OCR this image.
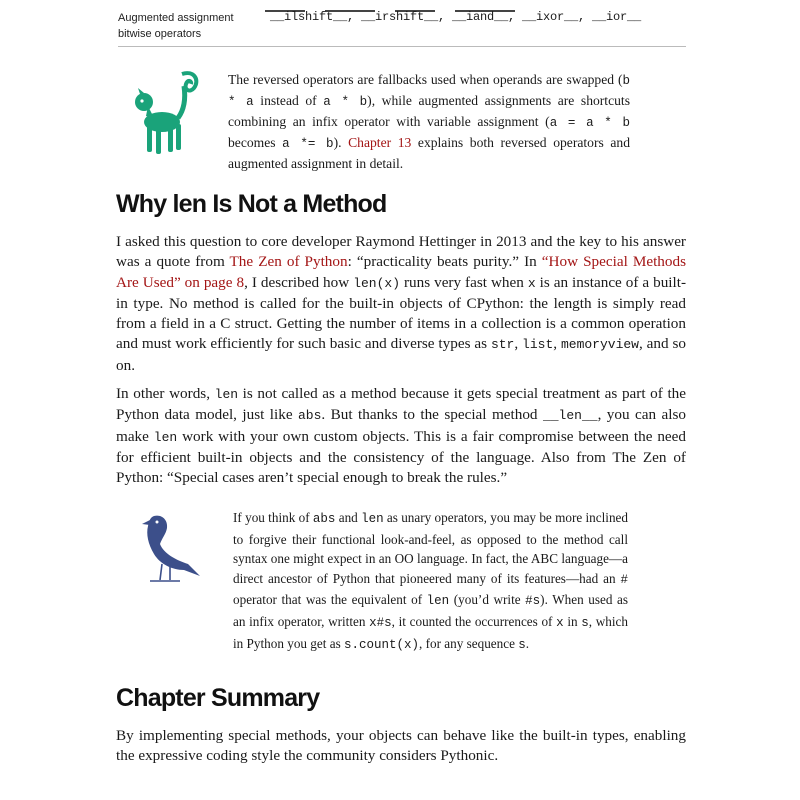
Augmented assignment bitwise operators
__ilshift__, __irshift__, __iand__, __ixor__, __ior__
The reversed operators are fallbacks used when operands are swapped (b * a instead of a * b), while augmented assignments are shortcuts combining an infix operator with variable assignment (a = a * b becomes a *= b). Chapter 13 explains both reversed operators and augmented assignment in detail.
Why len Is Not a Method

I asked this question to core developer Raymond Hettinger in 2013 and the key to his answer was a quote from The Zen of Python: “practicality beats purity.” In “How Special Methods Are Used” on page 8, I described how len(x) runs very fast when x is an instance of a built-in type. No method is called for the built-in objects of CPython: the length is simply read from a field in a C struct. Getting the number of items in a collection is a common operation and must work efficiently for such basic and diverse types as str, list, memoryview, and so on.

In other words, len is not called as a method because it gets special treatment as part of the Python data model, just like abs. But thanks to the special method __len__, you can also make len work with your own custom objects. This is a fair compromise between the need for efficient built-in objects and the consistency of the language. Also from The Zen of Python: “Special cases aren’t special enough to break the rules.”

If you think of abs and len as unary operators, you may be more inclined to forgive their functional look-and-feel, as opposed to the method call syntax one might expect in an OO language. In fact, the ABC language—a direct ancestor of Python that pioneered many of its features—had an # operator that was the equivalent of len (you’d write #s). When used as an infix operator, written x#s, it counted the occurrences of x in s, which in Python you get as s.count(x), for any sequence s.
Chapter Summary

By implementing special methods, your objects can behave like the built-in types, enabling the expressive coding style the community considers Pythonic.
